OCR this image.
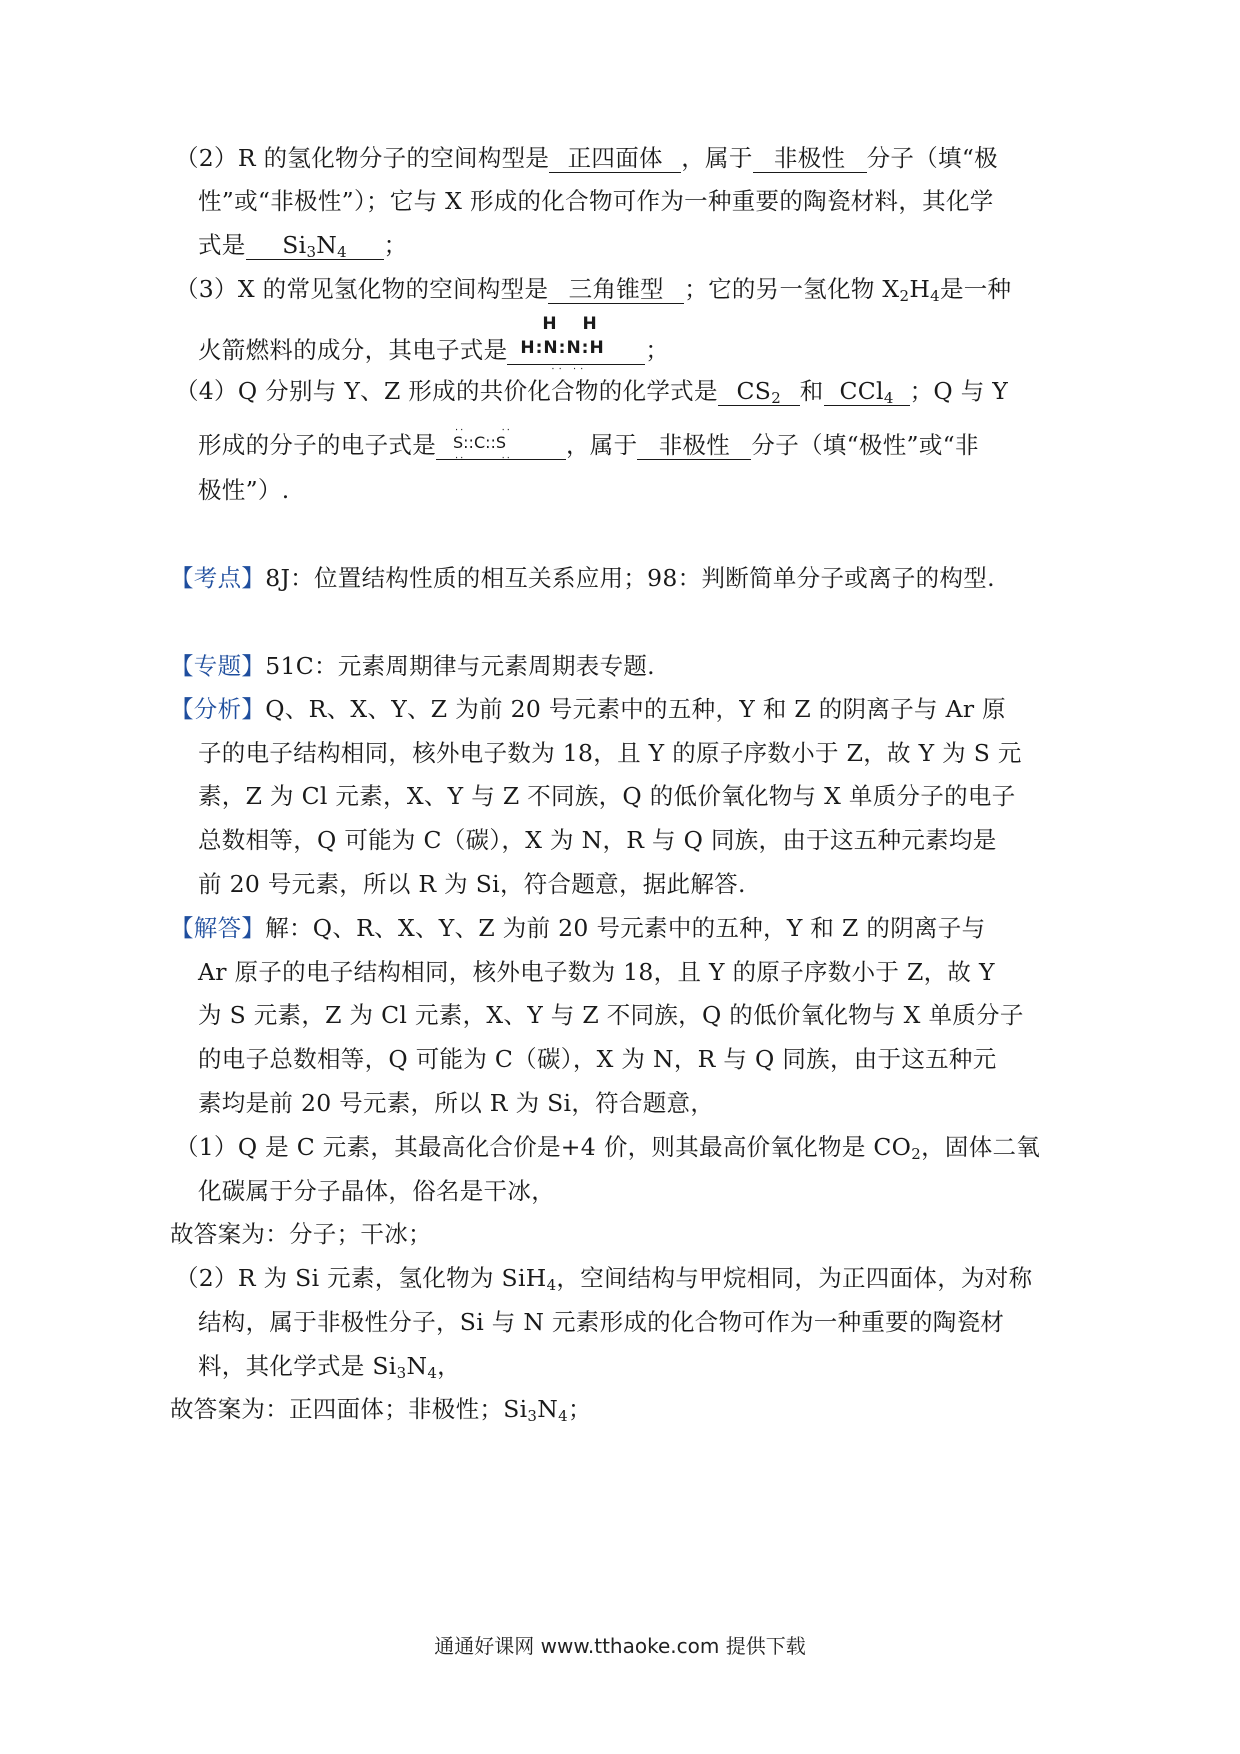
（2）R 的氢化物分子的空间构型是 正四面体 ，属于 非极性 分子（填“极
性”或“非极性”）；它与 X 形成的化合物可作为一种重要的陶瓷材料，其化学
式是 $Si_3N_4$ ；
（3）X 的常见氢化物的空间构型是 三角锥型 ；它的另一氢化物 $X_2H_4$是一种
火箭燃料的成分，其电子式是
H H
H:N:N:H
⋅⋅ ⋅⋅
；
（4）Q 分别与 Y、Z 形成的共价化合物的化学式是 $CS_2$ 和 CCl$_4$ ；Q 与 Y
形成的分子的电子式是
⋅⋅       ⋅⋅
S::C::S
⋅⋅       ⋅⋅ ，属于 非极性 分子（填“极性”或“非
极性”）.
【考点】8J：位置结构性质的相互关系应用；98：判断简单分子或离子的构型.
【专题】51C：元素周期律与元素周期表专题.
【分析】Q、R、X、Y、Z 为前 20 号元素中的五种，Y 和 Z 的阴离子与 Ar 原
子的电子结构相同，核外电子数为 18，且 Y 的原子序数小于 Z，故 Y 为 S 元
素，Z 为 Cl 元素，X、Y 与 Z 不同族，Q 的低价氧化物与 X 单质分子的电子
总数相等，Q 可能为 C（碳），X 为 N，R 与 Q 同族，由于这五种元素均是
前 20 号元素，所以 R 为 Si，符合题意，据此解答.
【解答】解：Q、R、X、Y、Z 为前 20 号元素中的五种，Y 和 Z 的阴离子与
Ar 原子的电子结构相同，核外电子数为 18，且 Y 的原子序数小于 Z，故 Y
为 S 元素，Z 为 Cl 元素，X、Y 与 Z 不同族，Q 的低价氧化物与 X 单质分子
的电子总数相等，Q 可能为 C（碳），X 为 N，R 与 Q 同族，由于这五种元
素均是前 20 号元素，所以 R 为 Si，符合题意，
（1）Q 是 C 元素，其最高化合价是+4 价，则其最高价氧化物是 $CO_2$，固体二氧
化碳属于分子晶体，俗名是干冰，
故答案为：分子；干冰；
（2）R 为 Si 元素，氢化物为 SiH$_4$，空间结构与甲烷相同，为正四面体，为对称
结构，属于非极性分子，Si 与 N 元素形成的化合物可作为一种重要的陶瓷材
料，其化学式是 $Si_3N_4$，
故答案为：正四面体；非极性；$Si_3N_4$；
通通好课网 www.tthaoke.com 提供下载
